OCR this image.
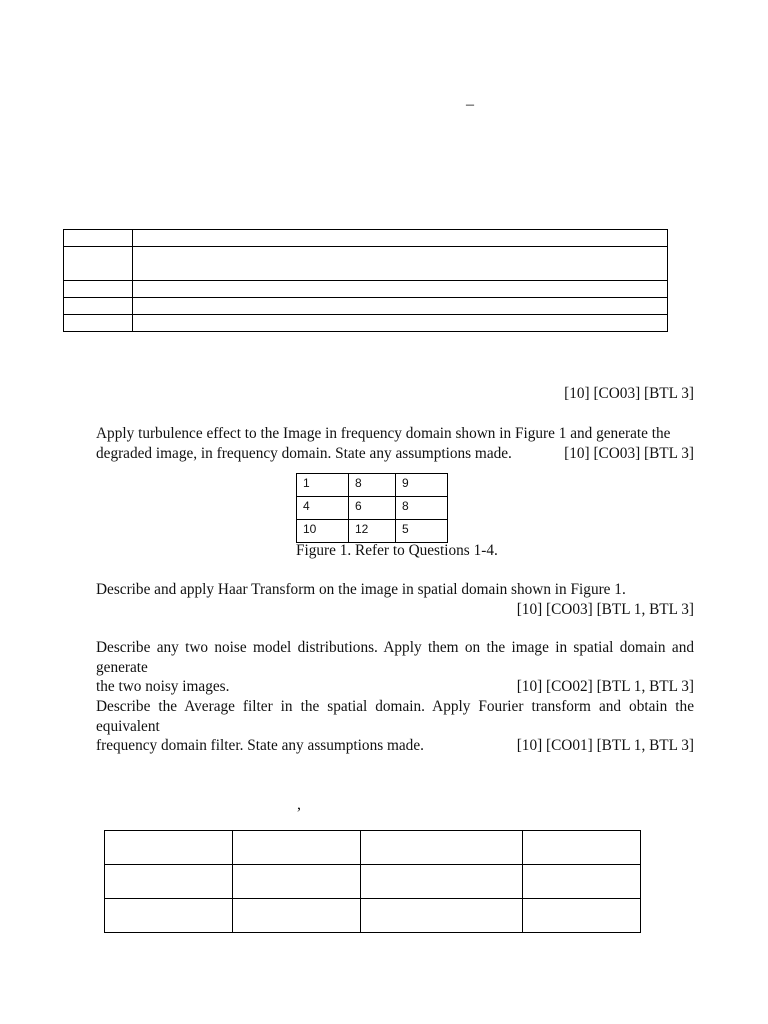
–

[10] [CO03] [BTL 3]
Apply turbulence effect to the Image in frequency domain shown in Figure 1 and generate the
degraded image, in frequency domain. State any assumptions made.	[10] [CO03] [BTL 3]
1	8	9
4	6	8
10	12	5
Figure 1. Refer to Questions 1-4.
Describe and apply Haar Transform on the image in spatial domain shown in Figure 1.
[10] [CO03] [BTL 1, BTL 3]
Describe any two noise model distributions. Apply them on the image in spatial domain and generate
the two noisy images.	[10] [CO02] [BTL 1, BTL 3]
Describe the Average filter in the spatial domain. Apply Fourier transform and obtain the equivalent
frequency domain filter. State any assumptions made.	[10] [CO01] [BTL 1, BTL 3]
,
